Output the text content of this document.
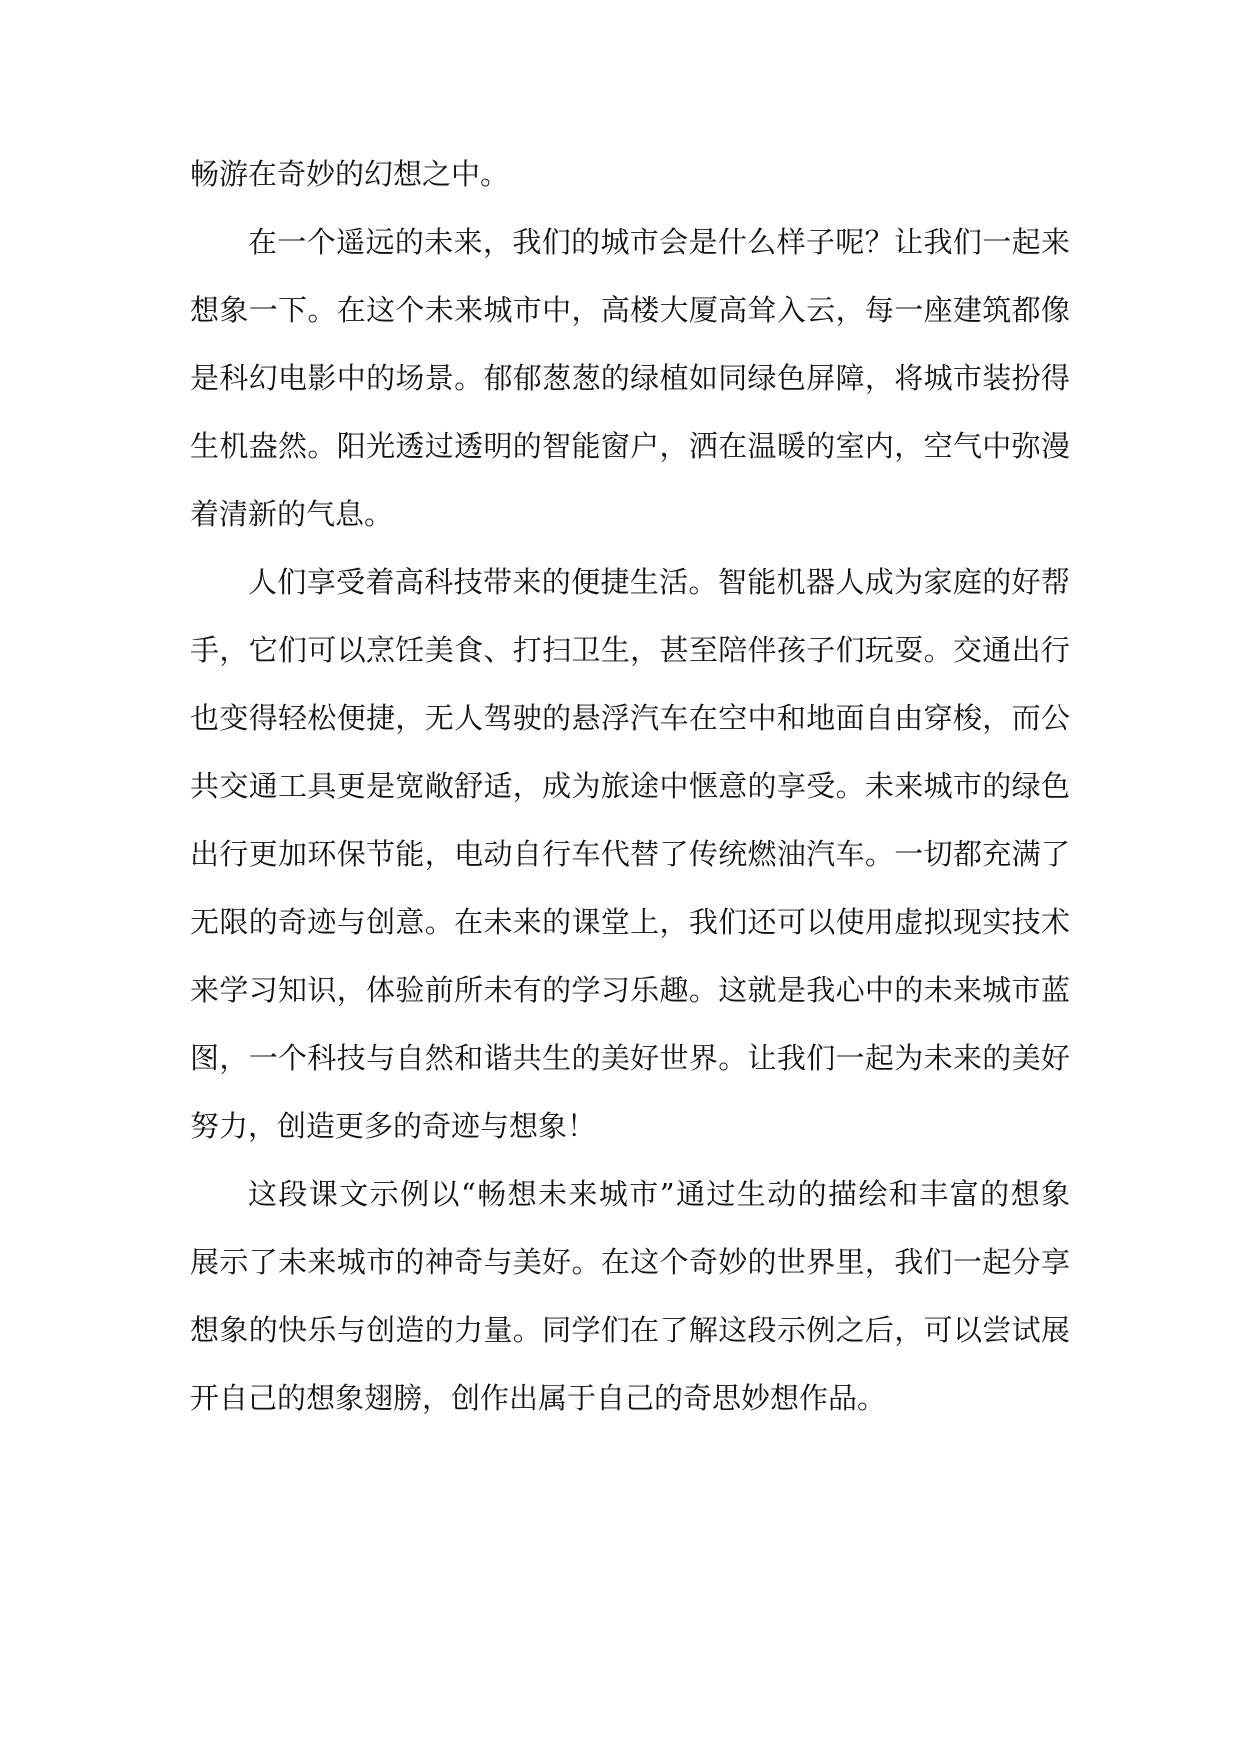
畅游在奇妙的幻想之中。
在一个遥远的未来，我们的城市会是什么样子呢？让我们一起来
想象一下。在这个未来城市中，高楼大厦高耸入云，每一座建筑都像
是科幻电影中的场景。郁郁葱葱的绿植如同绿色屏障，将城市装扮得
生机盎然。阳光透过透明的智能窗户，洒在温暖的室内，空气中弥漫
着清新的气息。
人们享受着高科技带来的便捷生活。智能机器人成为家庭的好帮
手，它们可以烹饪美食、打扫卫生，甚至陪伴孩子们玩耍。交通出行
也变得轻松便捷，无人驾驶的悬浮汽车在空中和地面自由穿梭，而公
共交通工具更是宽敞舒适，成为旅途中惬意的享受。未来城市的绿色
出行更加环保节能，电动自行车代替了传统燃油汽车。一切都充满了
无限的奇迹与创意。在未来的课堂上，我们还可以使用虚拟现实技术
来学习知识，体验前所未有的学习乐趣。这就是我心中的未来城市蓝
图，一个科技与自然和谐共生的美好世界。让我们一起为未来的美好
努力，创造更多的奇迹与想象！
这段课文示例以“畅想未来城市”通过生动的描绘和丰富的想象
展示了未来城市的神奇与美好。在这个奇妙的世界里，我们一起分享
想象的快乐与创造的力量。同学们在了解这段示例之后，可以尝试展
开自己的想象翅膀，创作出属于自己的奇思妙想作品。
